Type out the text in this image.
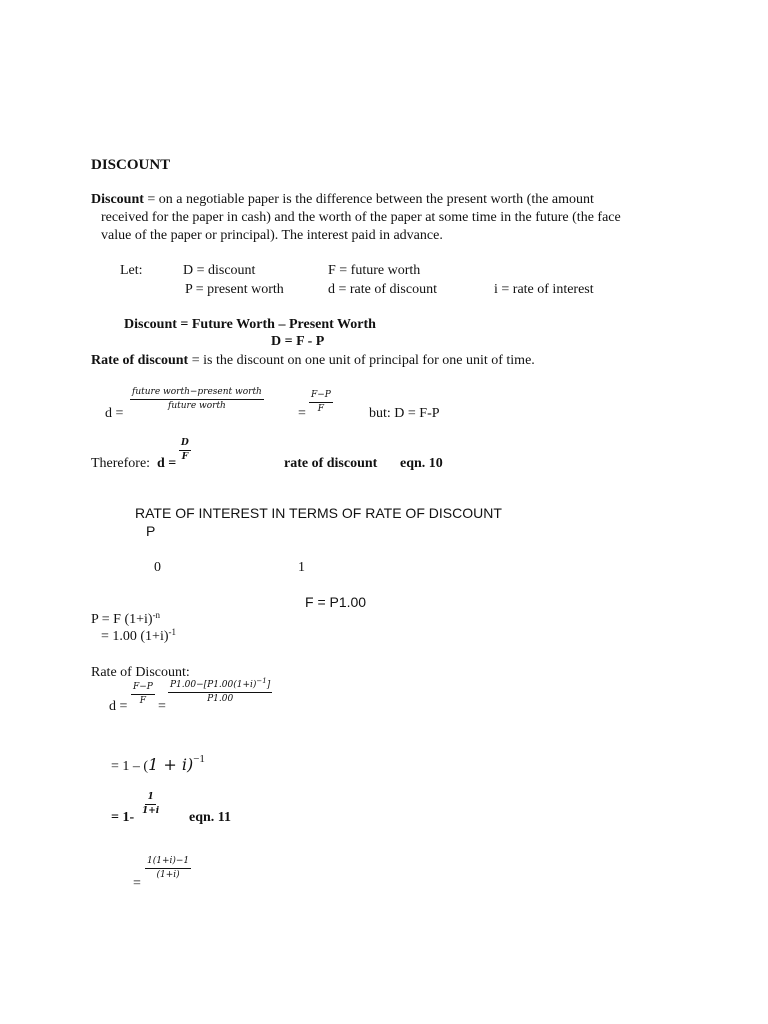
DISCOUNT
Discount = on a negotiable paper is the difference between the present worth (the amount
received for the paper in cash) and the worth of the paper at some time in the future (the face
value of the paper or principal). The interest paid in advance.
Let:	D = discount	F = future worth
P = present worth	d = rate of discount	i = rate of interest
Discount = Future Worth – Present Worth
D = F - P
Rate of discount = is the discount on one unit of principal for one unit of time.
d =
future worth−present worth
future worth	= $\frac{F-P}{F}$	but: D = F-P
Therefore: d =
$\frac{D}{F}$
rate of discount eqn. 10
RATE OF INTEREST IN TERMS OF RATE OF DISCOUNT
P
0	1
F = P1.00
P = F $(1+i)^{-n}$
= 1.00 $(1+i)^{-1}$
Rate of Discount:
d =
$\frac{F-P}{F}$
=
$\frac{P1.00-[P1.00(1+i)^{-1}]}{P1.00}$
= $1 - (1 + i)^{-1}$
= 1-
$\frac{1}{1+i}$
eqn. 11
=
$\frac{1(1+i)-1}{(1+i)}$
